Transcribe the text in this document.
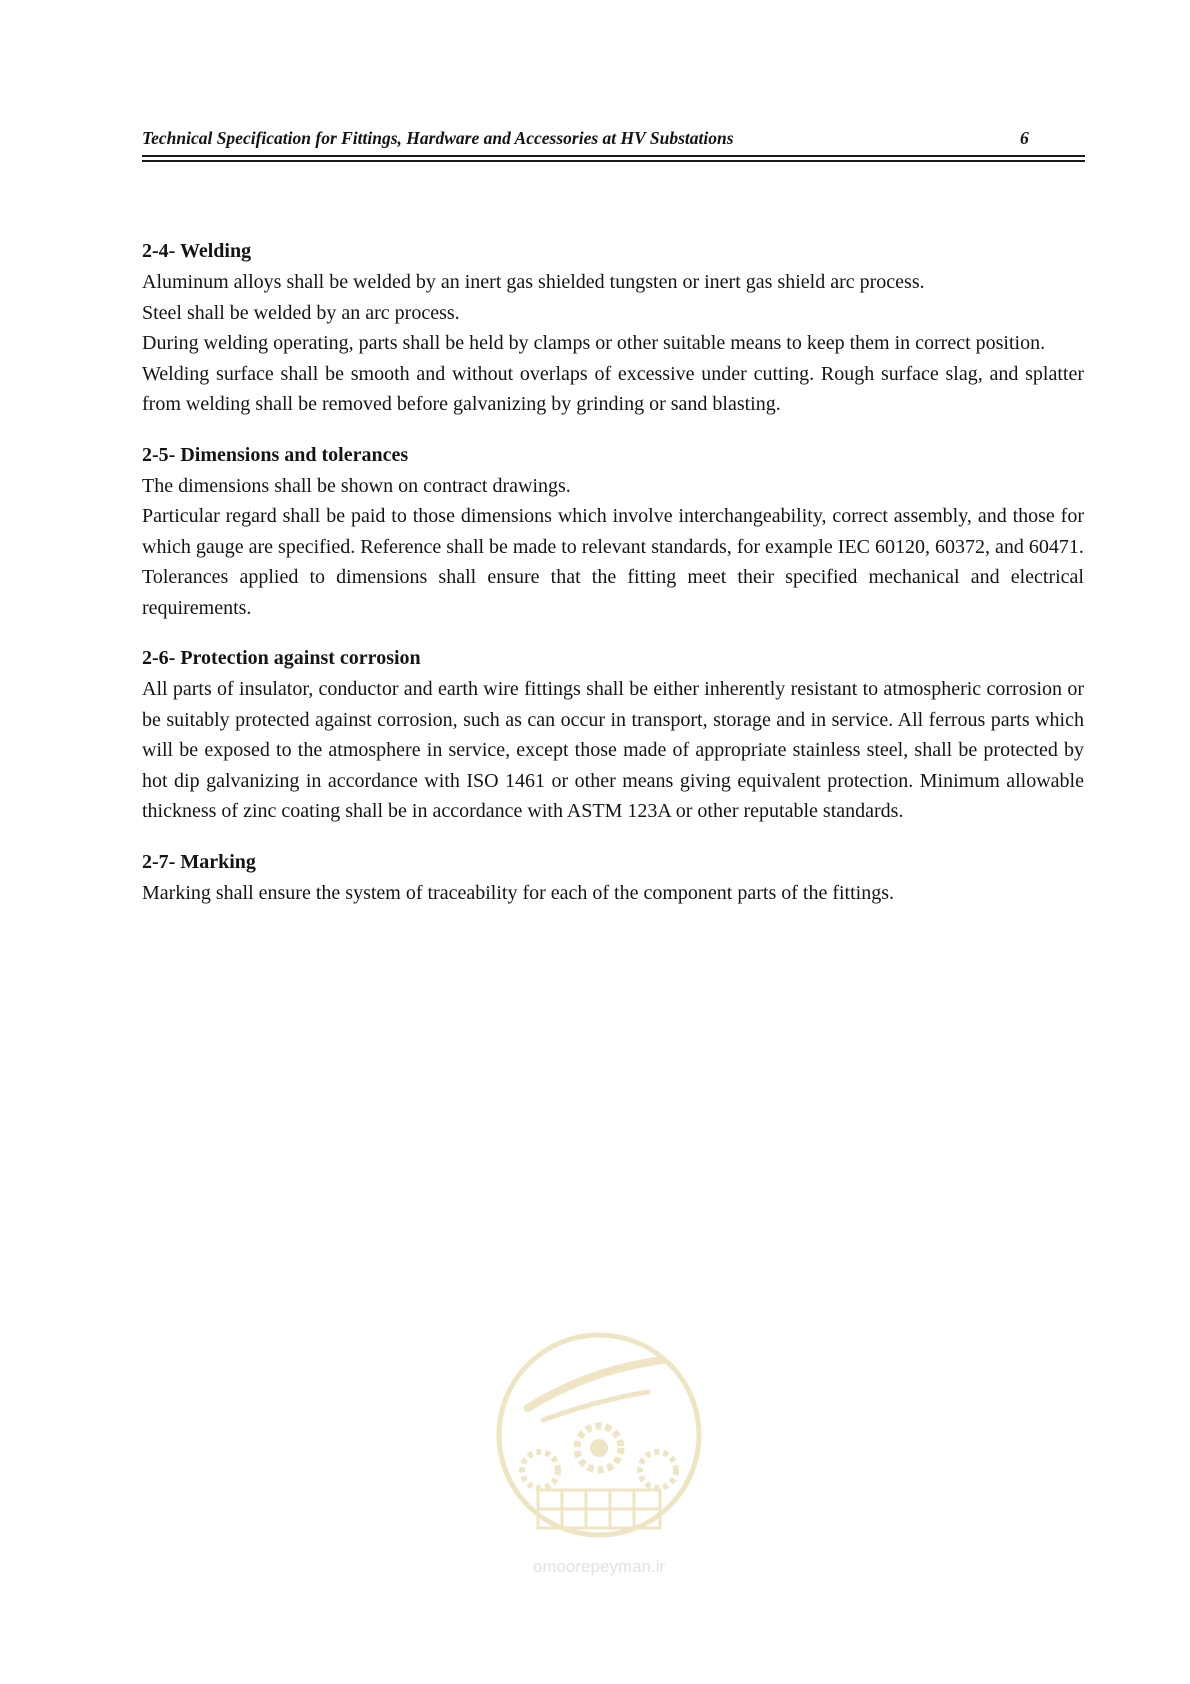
Technical Specification for Fittings, Hardware and Accessories at HV Substations	6
2-4- Welding

Aluminum alloys shall be welded by an inert gas shielded tungsten or inert gas shield arc process.

Steel shall be welded by an arc process.

During welding operating, parts shall be held by clamps or other suitable means to keep them in correct position.

Welding surface shall be smooth and without overlaps of excessive under cutting. Rough surface slag, and splatter from welding shall be removed before galvanizing by grinding or sand blasting.

2-5- Dimensions and tolerances

The dimensions shall be shown on contract drawings.

Particular regard shall be paid to those dimensions which involve interchangeability, correct assembly, and those for which gauge are specified. Reference shall be made to relevant standards, for example IEC 60120, 60372, and 60471.

Tolerances applied to dimensions shall ensure that the fitting meet their specified mechanical and electrical requirements.

2-6- Protection against corrosion

All parts of insulator, conductor and earth wire fittings shall be either inherently resistant to atmospheric corrosion or be suitably protected against corrosion, such as can occur in transport, storage and in service. All ferrous parts which will be exposed to the atmosphere in service, except those made of appropriate stainless steel, shall be protected by hot dip galvanizing in accordance with ISO 1461 or other means giving equivalent protection. Minimum allowable thickness of zinc coating shall be in accordance with ASTM 123A or other reputable standards.

2-7- Marking

Marking shall ensure the system of traceability for each of the component parts of the fittings.

omoorepeyman.ir
